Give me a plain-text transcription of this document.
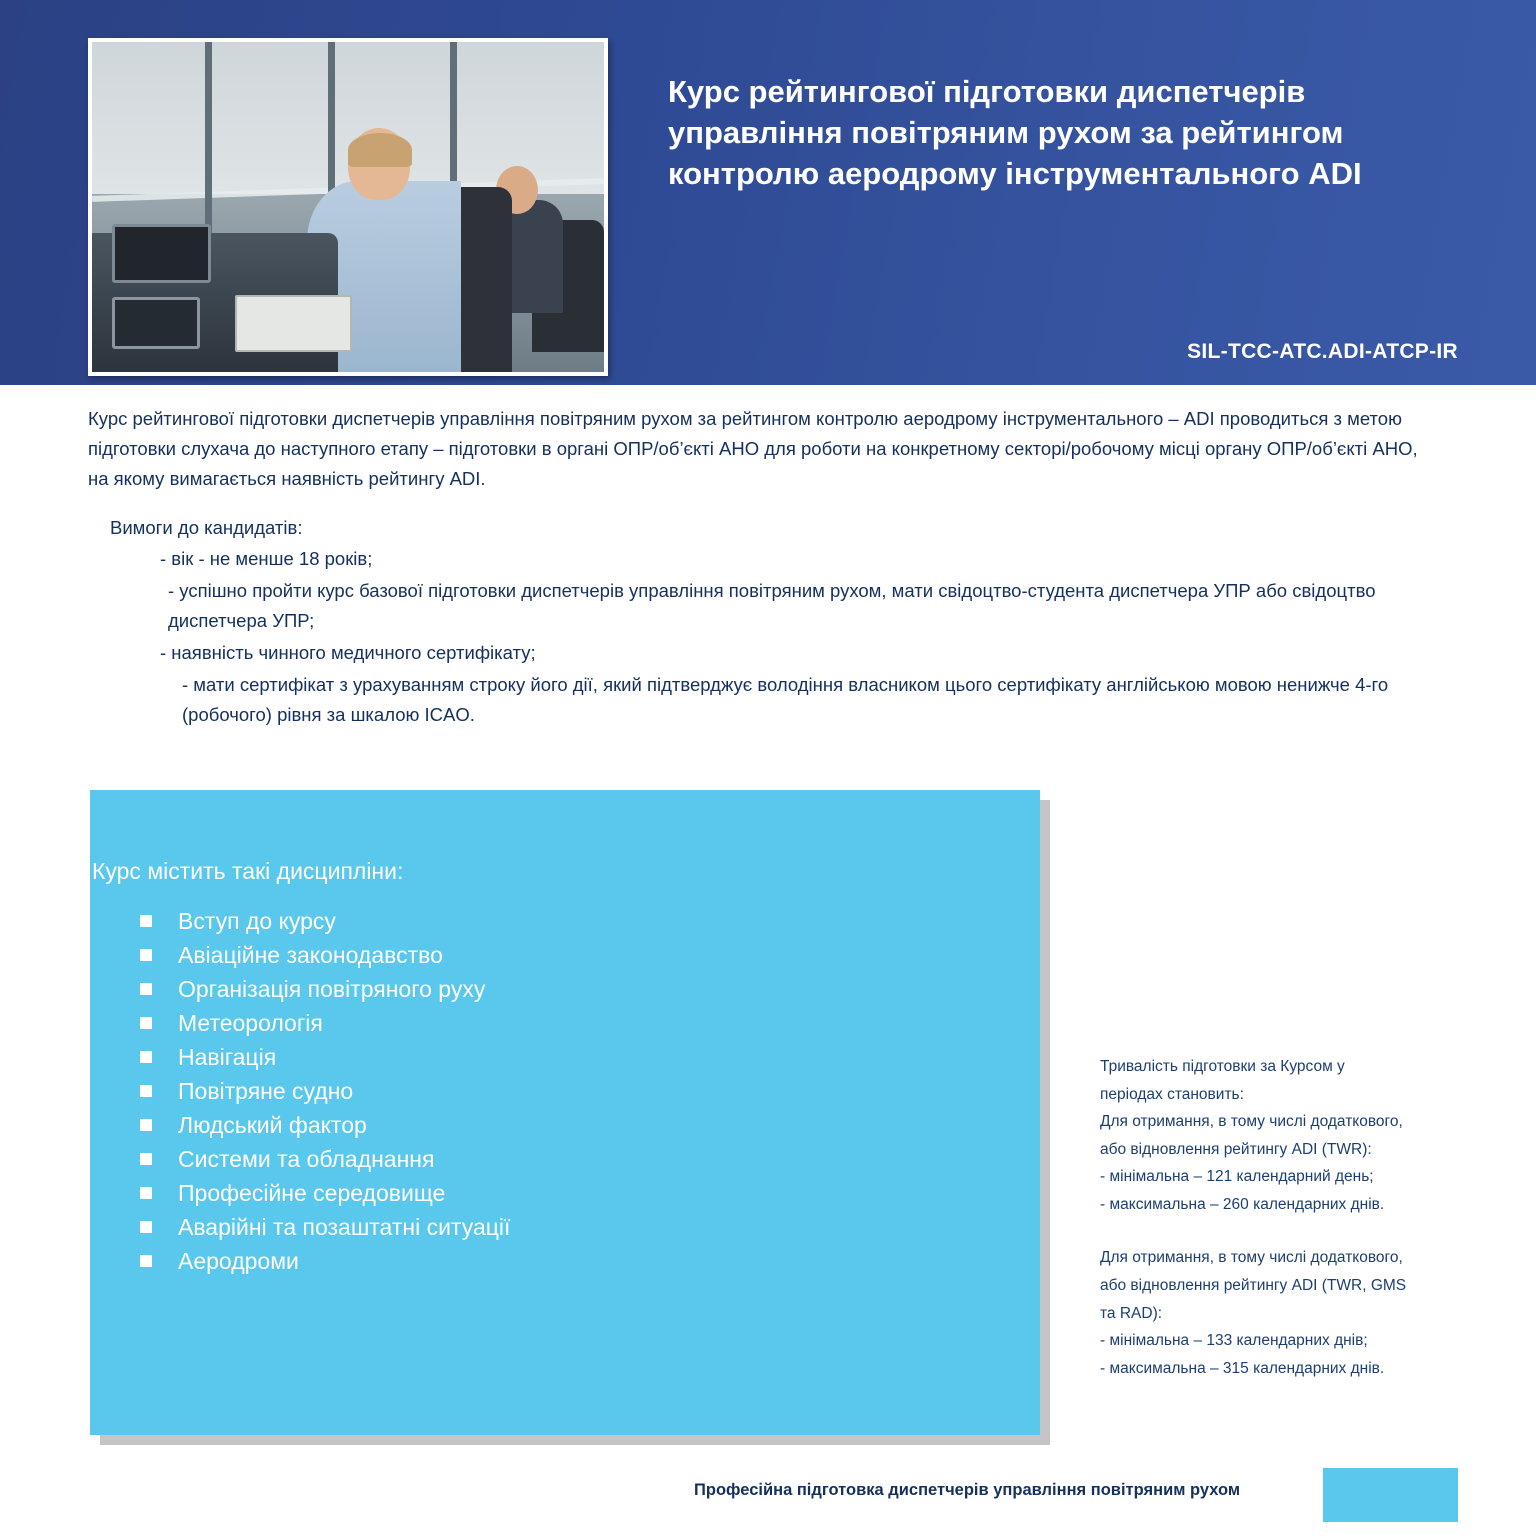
Курс рейтингової підготовки диспетчерів управління повітряним рухом за рейтингом контролю аеродрому інструментального ADI
SIL-TCC-ATC.ADI-ATCP-IR
Курс рейтингової підготовки диспетчерів управління повітряним рухом за рейтингом контролю аеродрому інструментального – ADI проводиться з метою підготовки слухача до наступного етапу – підготовки в органі ОПР/об’єкті АНО для роботи на конкретному секторі/робочому місці органу ОПР/об’єкті АНО, на якому вимагається наявність рейтингу ADI.
Вимоги до кандидатів:
- вік - не менше 18 років;
- успішно пройти курс базової підготовки диспетчерів управління повітряним рухом, мати свідоцтво-студента диспетчера УПР або свідоцтво диспетчера УПР;
- наявність чинного медичного сертифікату;
- мати сертифікат з урахуванням строку його дії, який підтверджує володіння власником цього сертифікату англійською мовою ненижче 4-го (робочого) рівня за шкалою ICAO.
Курс містить такі дисципліни:
Вступ до курсу
Авіаційне законодавство
Організація повітряного руху
Метеорологія
Навігація
Повітряне судно
Людський фактор
Системи та обладнання
Професійне середовище
Аварійні та позаштатні ситуації
Аеродроми

Тривалість підготовки за Курсом у

періодах становить:

Для отримання, в тому числі додаткового,

або відновлення рейтингу ADI (TWR):

- мінімальна – 121 календарний день;

- максимальна – 260 календарних днів.

Для отримання, в тому числі додаткового,

або відновлення рейтингу ADI (TWR, GMS

та RAD):

- мінімальна – 133 календарних днів;

- максимальна – 315 календарних днів.

Професійна підготовка диспетчерів управління повітряним рухом
